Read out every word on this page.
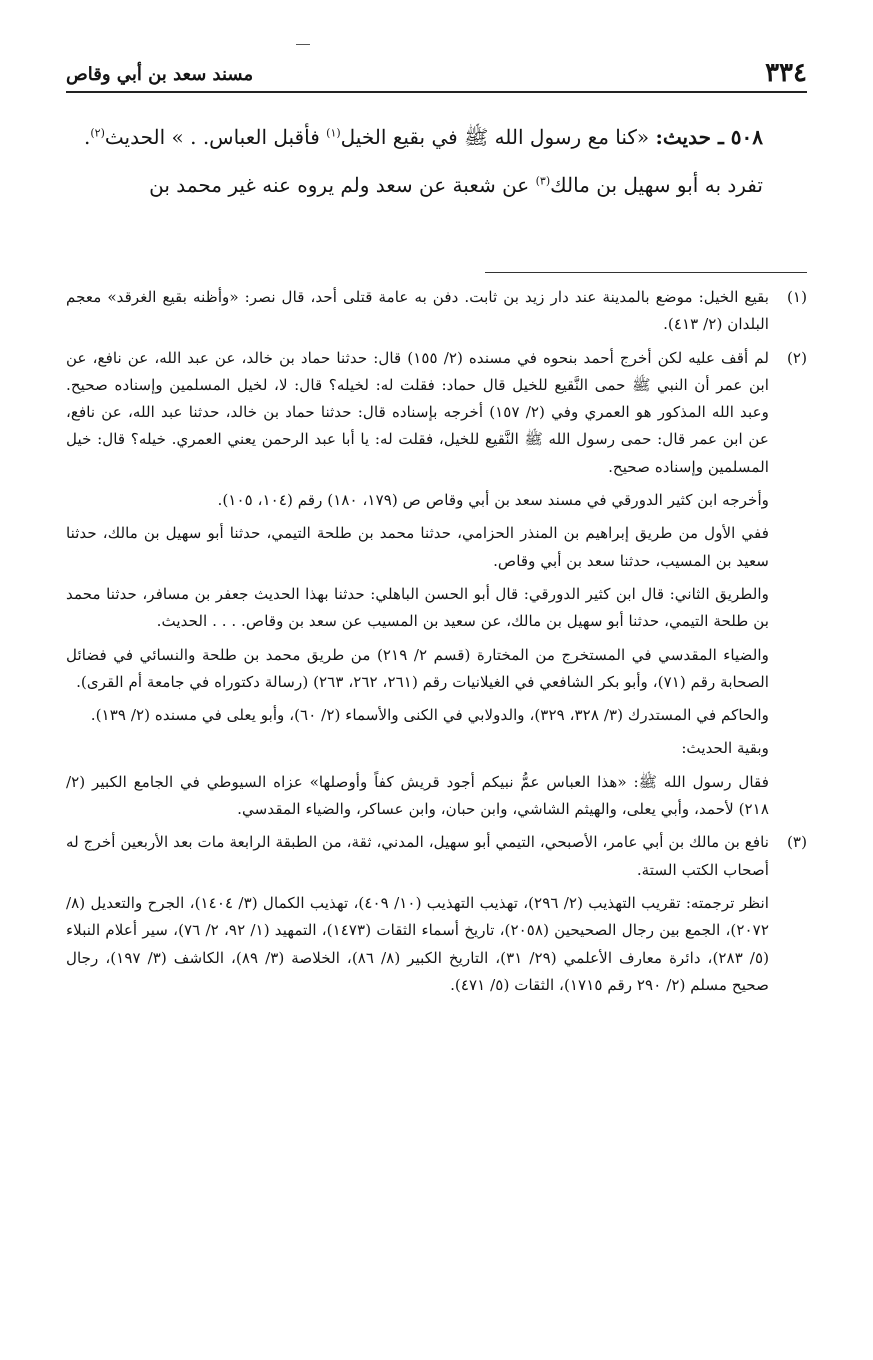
٣٣٤
مسند سعد بن أبي وقاص

٥٠٨ ـ حديث: «كنا مع رسول الله ﷺ في بقيع الخيل$^{(١)}$ فأقبل العباس. . » الحديث$^{(٢)}$.

تفرد به أبو سهيل بن مالك$^{(٣)}$ عن شعبة عن سعد ولم يروه عنه غير محمد بن

(١)

بقيع الخيل: موضع بالمدينة عند دار زيد بن ثابت. دفن به عامة قتلى أحد، قال نصر: «وأظنه بقيع الغرقد» معجم البلدان (٢/ ٤١٣).

(٢)

لم أقف عليه لكن أخرج أحمد بنحوه في مسنده (٢/ ١٥٥) قال: حدثنا حماد بن خالد، عن عبد الله، عن نافع، عن ابن عمر أن النبي ﷺ حمى النَّقيع للخيل قال حماد: فقلت له: لخيله؟ قال: لا، لخيل المسلمين وإسناده صحيح. وعبد الله المذكور هو العمري وفي (٢/ ١٥٧) أخرجه بإسناده قال: حدثنا حماد بن خالد، حدثنا عبد الله، عن نافع، عن ابن عمر قال: حمى رسول الله ﷺ النَّقيع للخيل، فقلت له: يا أبا عبد الرحمن يعني العمري. خيله؟ قال: خيل المسلمين وإسناده صحيح.

وأخرجه ابن كثير الدورقي في مسند سعد بن أبي وقاص ص (١٧٩، ١٨٠) رقم (١٠٤، ١٠٥).

ففي الأول من طريق إبراهيم بن المنذر الحزامي، حدثنا محمد بن طلحة التيمي، حدثنا أبو سهيل بن مالك، حدثنا سعيد بن المسيب، حدثنا سعد بن أبي وقاص.

والطريق الثاني: قال ابن كثير الدورقي: قال أبو الحسن الباهلي: حدثنا بهذا الحديث جعفر بن مسافر، حدثنا محمد بن طلحة التيمي، حدثنا أبو سهيل بن مالك، عن سعيد بن المسيب عن سعد بن وقاص. . . . الحديث.

والضياء المقدسي في المستخرج من المختارة (قسم ٢/ ٢١٩) من طريق محمد بن طلحة والنسائي في فضائل الصحابة رقم (٧١)، وأبو بكر الشافعي في الغيلانيات رقم (٢٦١، ٢٦٢، ٢٦٣) (رسالة دكتوراه في جامعة أم القرى).

والحاكم في المستدرك (٣/ ٣٢٨، ٣٢٩)، والدولابي في الكنى والأسماء (٢/ ٦٠)، وأبو يعلى في مسنده (٢/ ١٣٩).

وبقية الحديث:

فقال رسول الله ﷺ: «هذا العباس عمُّ نبيكم أجود قريش كفاً وأوصلها» عزاه السيوطي في الجامع الكبير (٢/ ٢١٨) لأحمد، وأبي يعلى، والهيثم الشاشي، وابن حبان، وابن عساكر، والضياء المقدسي.

(٣)

نافع بن مالك بن أبي عامر، الأصبحي، التيمي أبو سهيل، المدني، ثقة، من الطبقة الرابعة مات بعد الأربعين أخرج له أصحاب الكتب الستة.

انظر ترجمته: تقريب التهذيب (٢/ ٢٩٦)، تهذيب التهذيب (١٠/ ٤٠٩)، تهذيب الكمال (٣/ ١٤٠٤)، الجرح والتعديل (٨/ ٢٠٧٢)، الجمع بين رجال الصحيحين (٢٠٥٨)، تاريخ أسماء الثقات (١٤٧٣)، التمهيد (١/ ٩٢، ٢/ ٧٦)، سير أعلام النبلاء (٥/ ٢٨٣)، دائرة معارف الأعلمي (٢٩/ ٣١)، التاريخ الكبير (٨/ ٨٦)، الخلاصة (٣/ ٨٩)، الكاشف (٣/ ١٩٧)، رجال صحيح مسلم (٢/ ٢٩٠ رقم ١٧١٥)، الثقات (٥/ ٤٧١).
